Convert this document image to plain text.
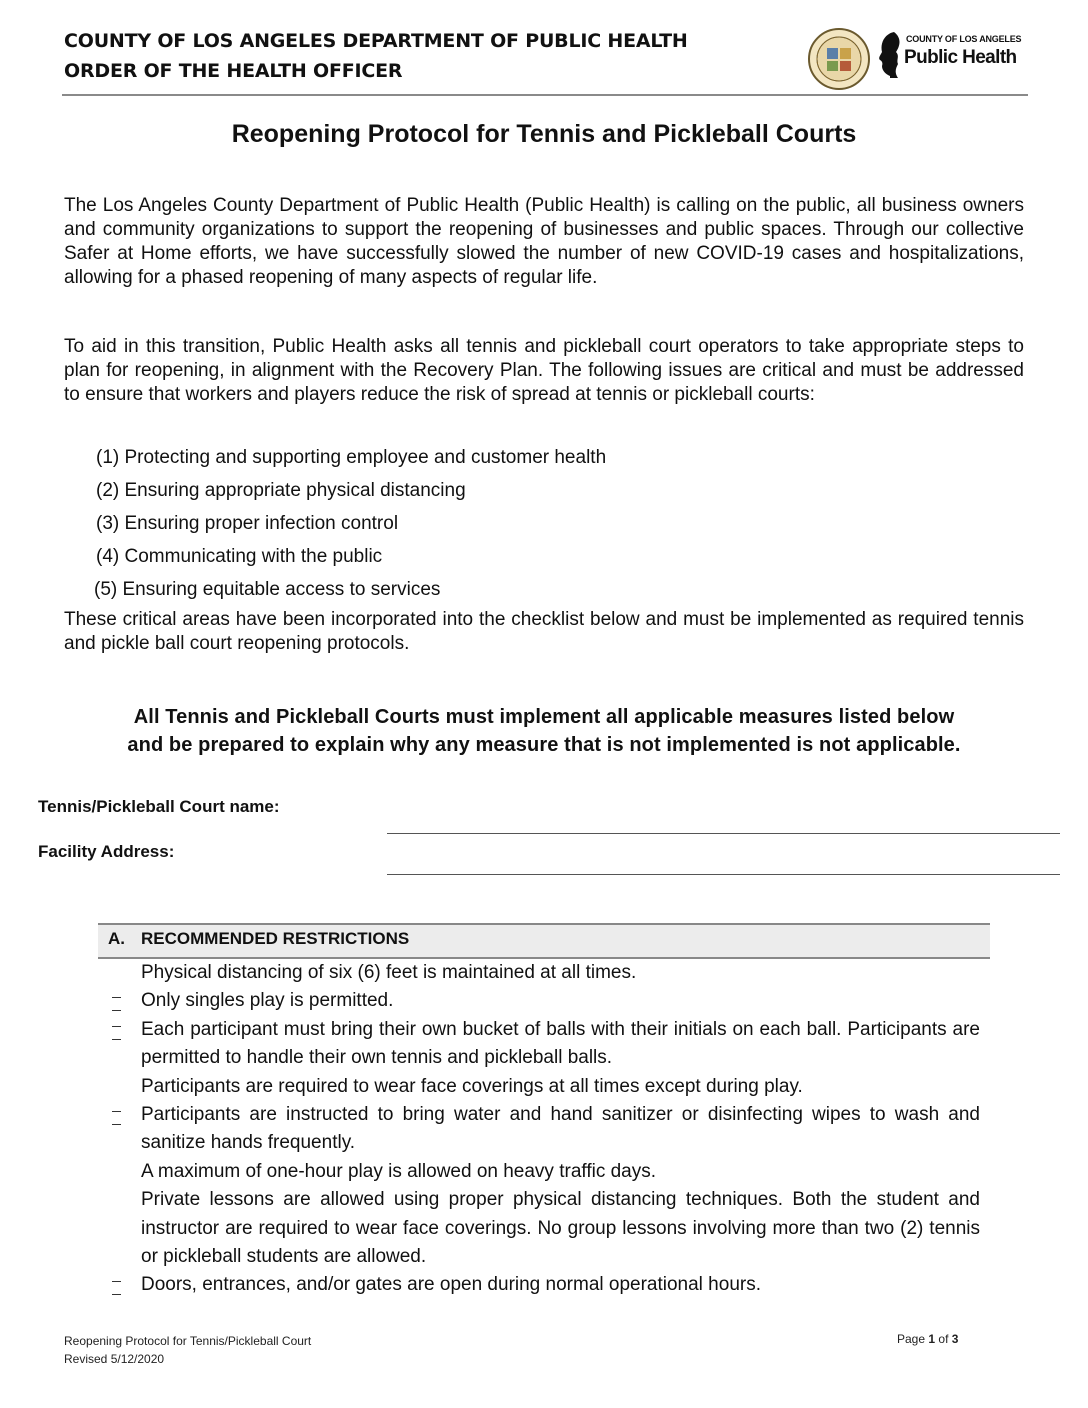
COUNTY OF LOS ANGELES DEPARTMENT OF PUBLIC HEALTH
ORDER OF THE HEALTH OFFICER
COUNTY OF LOS ANGELES
Public Health
Reopening Protocol for Tennis and Pickleball Courts
The Los Angeles County Department of Public Health (Public Health) is calling on the public, all business owners and community organizations to support the reopening of businesses and public spaces. Through our collective Safer at Home efforts, we have successfully slowed the number of new COVID-19 cases and hospitalizations, allowing for a phased reopening of many aspects of regular life.
To aid in this transition, Public Health asks all tennis and pickleball court operators to take appropriate steps to plan for reopening, in alignment with the Recovery Plan. The following issues are critical and must be addressed to ensure that workers and players reduce the risk of spread at tennis or pickleball courts:
(1) Protecting and supporting employee and customer health
(2) Ensuring appropriate physical distancing
(3) Ensuring proper infection control
(4) Communicating with the public
(5) Ensuring equitable access to services
These critical areas have been incorporated into the checklist below and must be implemented as required tennis and pickle ball court reopening protocols.
All Tennis and Pickleball Courts must implement all applicable measures listed below
and be prepared to explain why any measure that is not implemented is not applicable.
Tennis/Pickleball Court name:
Facility Address:
A. RECOMMENDED RESTRICTIONS
Physical distancing of six (6) feet is maintained at all times.
Only singles play is permitted.
Each participant must bring their own bucket of balls with their initials on each ball. Participants are permitted to handle their own tennis and pickleball balls.
Participants are required to wear face coverings at all times except during play.
Participants are instructed to bring water and hand sanitizer or disinfecting wipes to wash and sanitize hands frequently.
A maximum of one-hour play is allowed on heavy traffic days.
Private lessons are allowed using proper physical distancing techniques. Both the student and instructor are required to wear face coverings. No group lessons involving more than two (2) tennis or pickleball students are allowed.
Doors, entrances, and/or gates are open during normal operational hours.
Reopening Protocol for Tennis/Pickleball Court
Revised 5/12/2020
Page 1 of 3
